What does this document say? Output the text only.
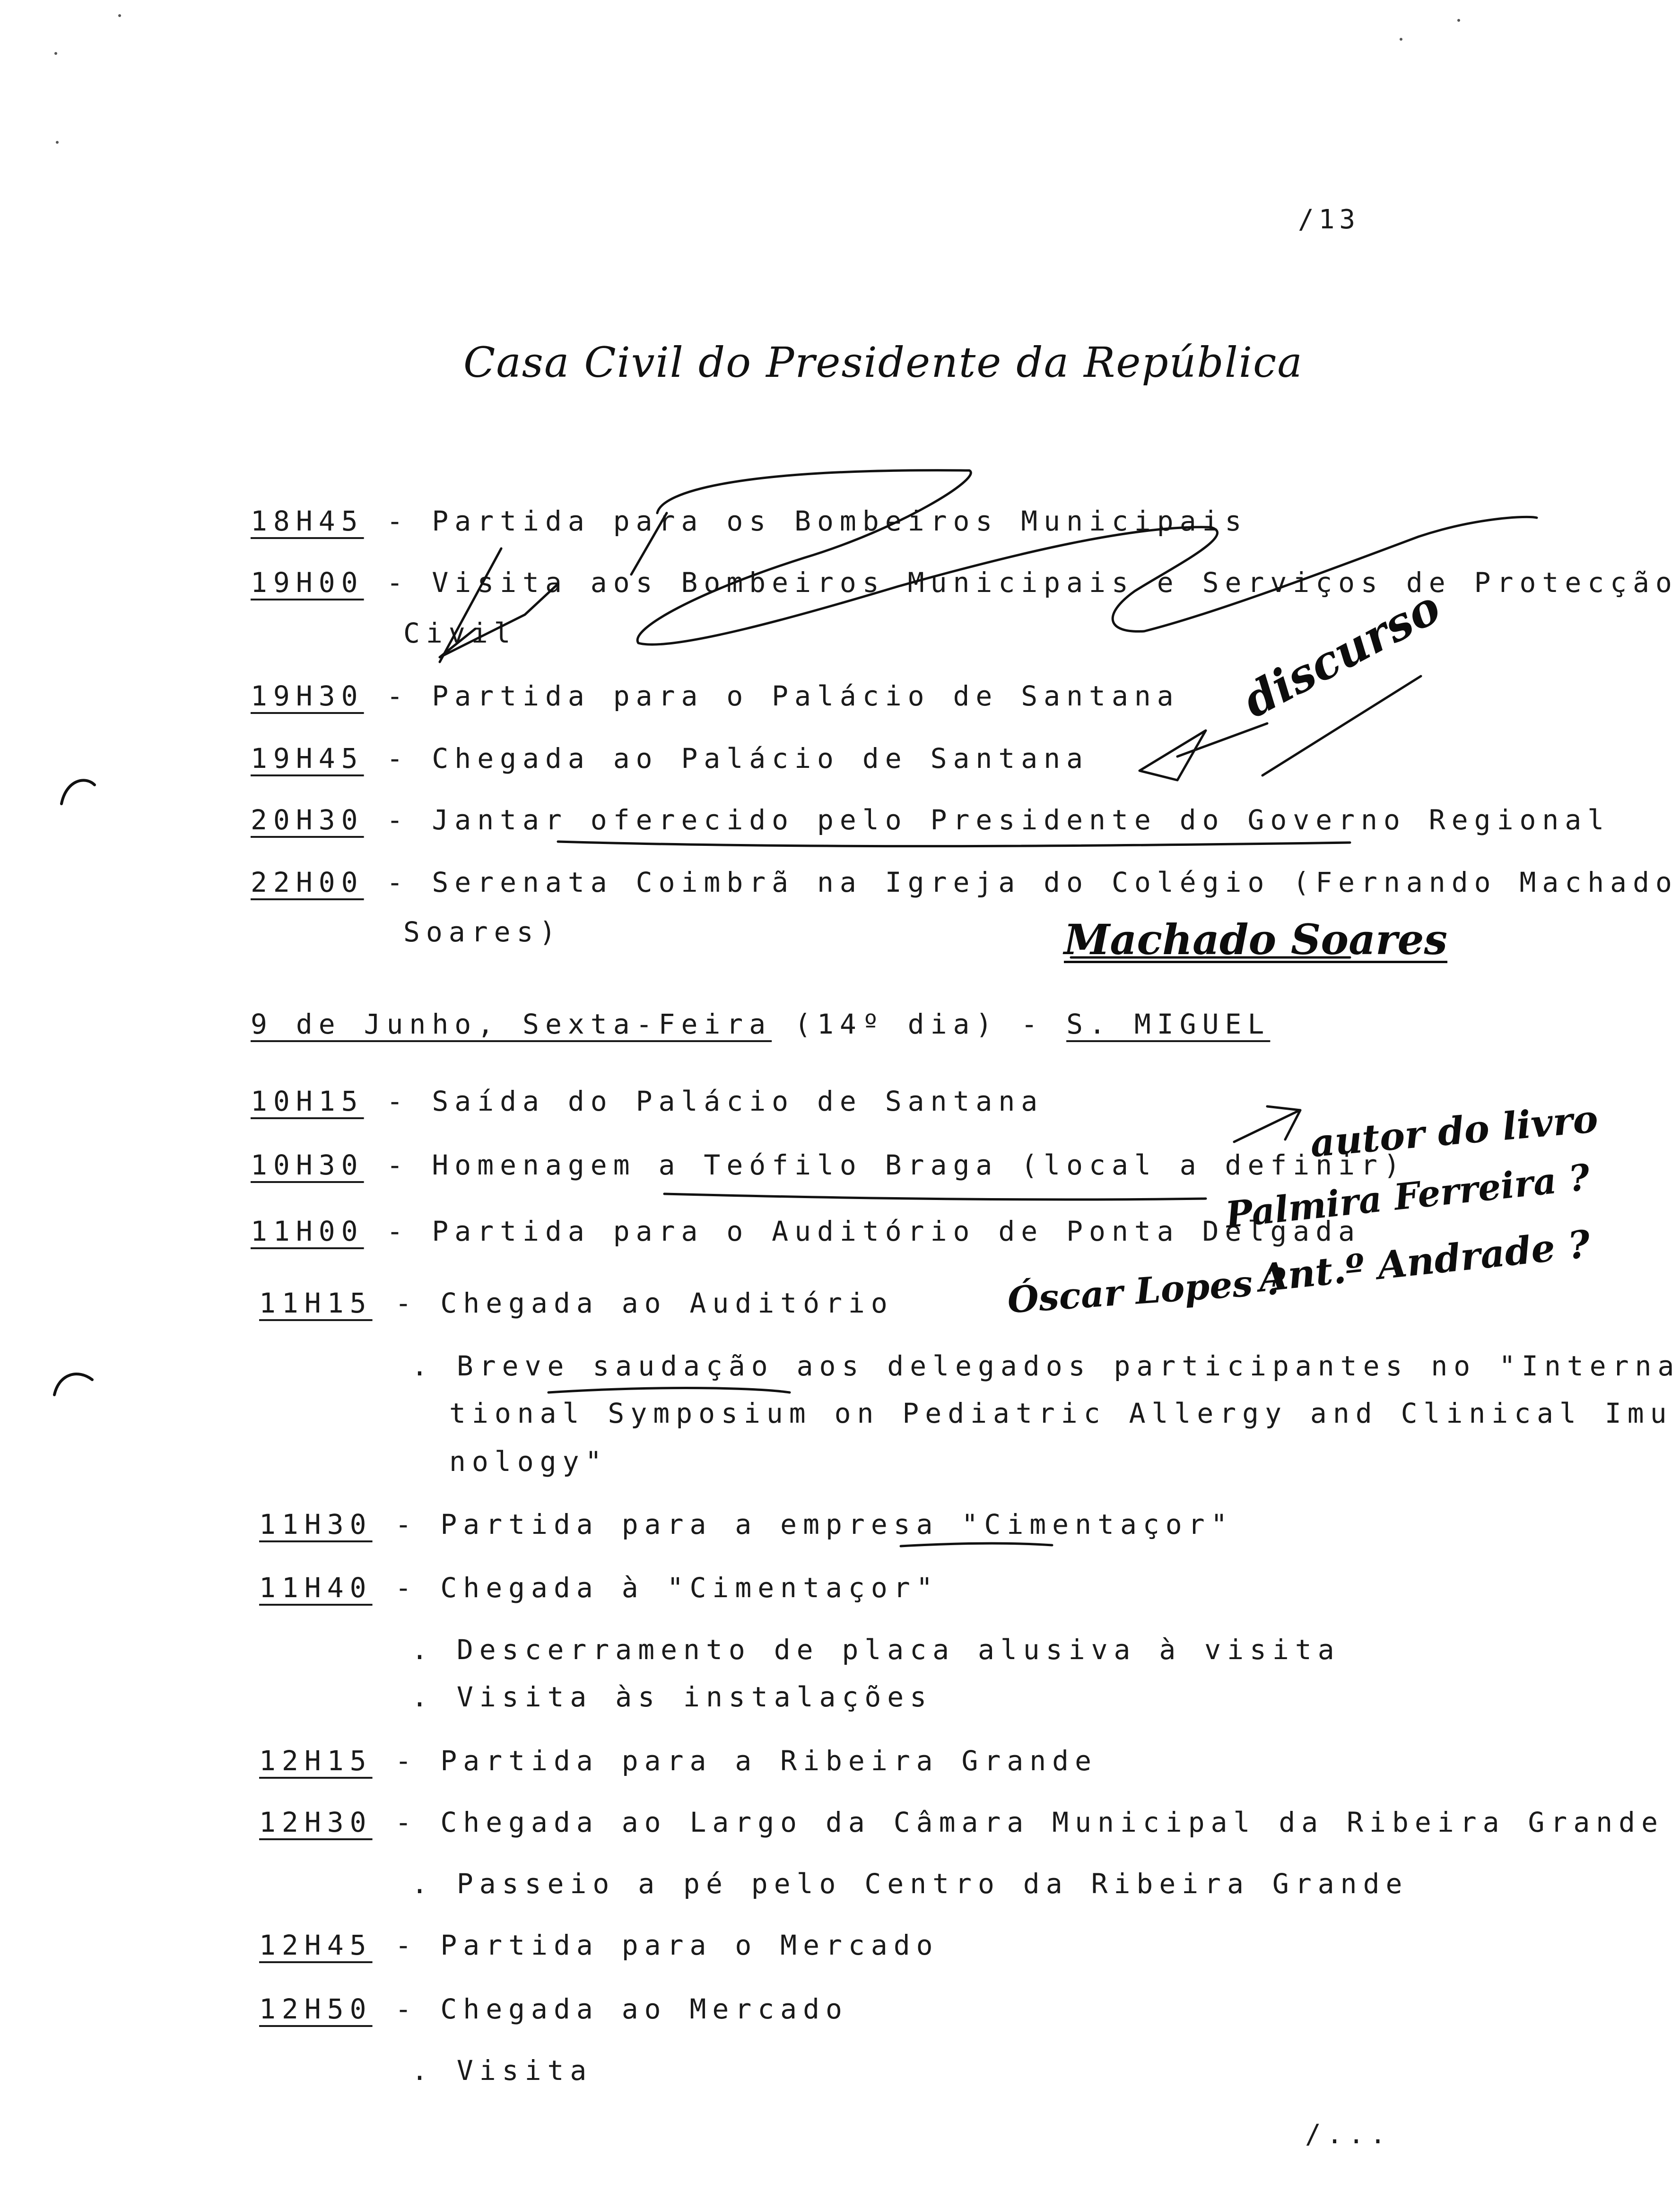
/13
Casa Civil do Presidente da República
18H45 - Partida para os Bombeiros Municipais
19H00 - Visita aos Bombeiros Municipais e Serviços de Protecção
Civil
19H30 - Partida para o Palácio de Santana
19H45 - Chegada ao Palácio de Santana
20H30 - Jantar oferecido pelo Presidente do Governo Regional
22H00 - Serenata Coimbrã na Igreja do Colégio (Fernando Machado
Soares)
9 de Junho, Sexta-Feira (14º dia) - S. MIGUEL
10H15 - Saída do Palácio de Santana
10H30 - Homenagem a Teófilo Braga (local a definir)
11H00 - Partida para o Auditório de Ponta Delgada
11H15 - Chegada ao Auditório
. Breve saudação aos delegados participantes no "Interna
tional Symposium on Pediatric Allergy and Clinical Imu
nology"
11H30 - Partida para a empresa "Cimentaçor"
11H40 - Chegada à "Cimentaçor"
. Descerramento de placa alusiva à visita
. Visita às instalações
12H15 - Partida para a Ribeira Grande
12H30 - Chegada ao Largo da Câmara Municipal da Ribeira Grande
. Passeio a pé pelo Centro da Ribeira Grande
12H45 - Partida para o Mercado
12H50 - Chegada ao Mercado
. Visita
/...
discurso
Machado Soares
autor do livro
Palmira Ferreira ?
Óscar Lopes ?
Ant.º Andrade ?
